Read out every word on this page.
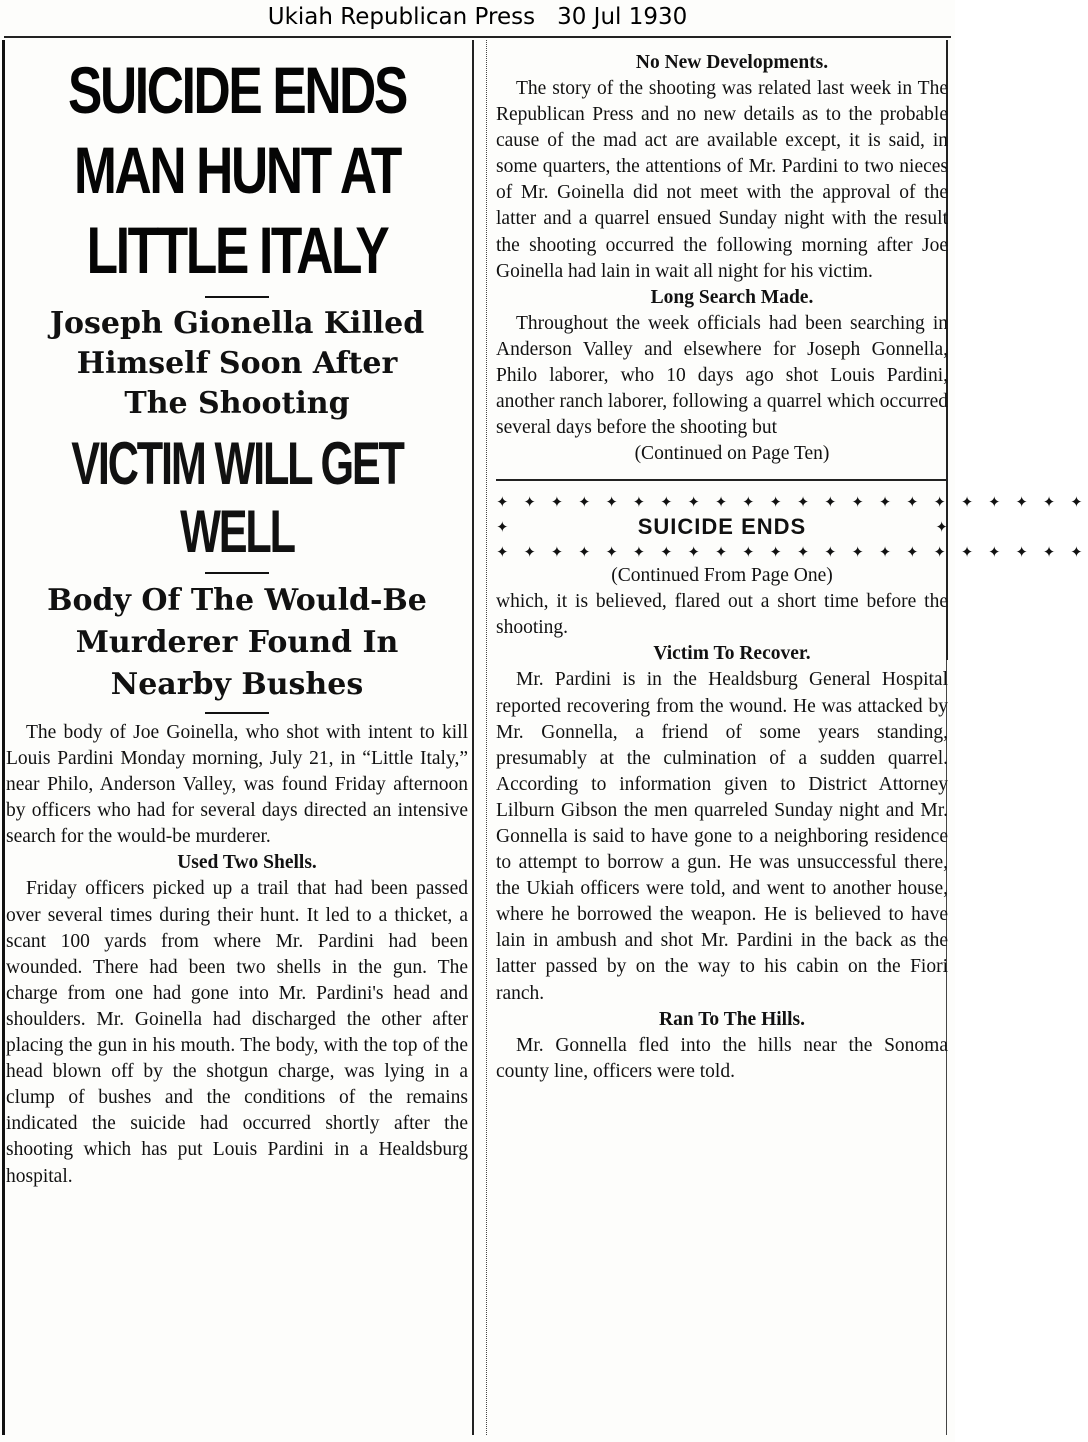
Ukiah Republican Press 30 Jul 1930

SUICIDE ENDS

MAN HUNT AT

LITTLE ITALY

Joseph Gionella Killed

Himself Soon After

The Shooting

VICTIM WILL GET WELL

Body Of The Would-Be

Murderer Found In

Nearby Bushes

The body of Joe Goinella, who shot with intent to kill Louis Pardini Monday morning, July 21, in “Little Italy,” near Philo, Anderson Valley, was found Friday afternoon by officers who had for several days directed an intensive search for the would-be murderer.

Used Two Shells.

Friday officers picked up a trail that had been passed over several times during their hunt. It led to a thicket, a scant 100 yards from where Mr. Pardini had been wounded. There had been two shells in the gun. The charge from one had gone into Mr. Pardini's head and shoulders. Mr. Goinella had discharged the other after placing the gun in his mouth. The body, with the top of the head blown off by the shotgun charge, was lying in a clump of bushes and the conditions of the remains indicated the suicide had occurred shortly after the shooting which has put Louis Pardini in a Healdsburg hospital.

No New Developments.

The story of the shooting was related last week in The Republican Press and no new details as to the probable cause of the mad act are available except, it is said, in some quarters, the attentions of Mr. Pardini to two nieces of Mr. Goinella did not meet with the approval of the latter and a quarrel ensued Sunday night with the result the shooting occurred the following morning after Joe Goinella had lain in wait all night for his victim.

Long Search Made.

Throughout the week officials had been searching in Anderson Valley and elsewhere for Joseph Gonnella, Philo laborer, who 10 days ago shot Louis Pardini, another ranch laborer, following a quarrel which occurred several days before the shooting but

(Continued on Page Ten)

✦ ✦ ✦ ✦ ✦ ✦ ✦ ✦ ✦ ✦ ✦ ✦ ✦ ✦ ✦ ✦ ✦ ✦ ✦ ✦ ✦ ✦

✦	SUICIDE ENDS	✦

✦ ✦ ✦ ✦ ✦ ✦ ✦ ✦ ✦ ✦ ✦ ✦ ✦ ✦ ✦ ✦ ✦ ✦ ✦ ✦ ✦ ✦

(Continued From Page One)

which, it is believed, flared out a short time before the shooting.

Victim To Recover.

Mr. Pardini is in the Healdsburg General Hospital reported recovering from the wound. He was attacked by Mr. Gonnella, a friend of some years standing, presumably at the culmination of a sudden quarrel. According to information given to District Attorney Lilburn Gibson the men quarreled Sunday night and Mr. Gonnella is said to have gone to a neighboring residence to attempt to borrow a gun. He was unsuccessful there, the Ukiah officers were told, and went to another house, where he borrowed the weapon. He is believed to have lain in ambush and shot Mr. Pardini in the back as the latter passed by on the way to his cabin on the Fiori ranch.

Ran To The Hills.

Mr. Gonnella fled into the hills near the Sonoma county line, officers were told.
